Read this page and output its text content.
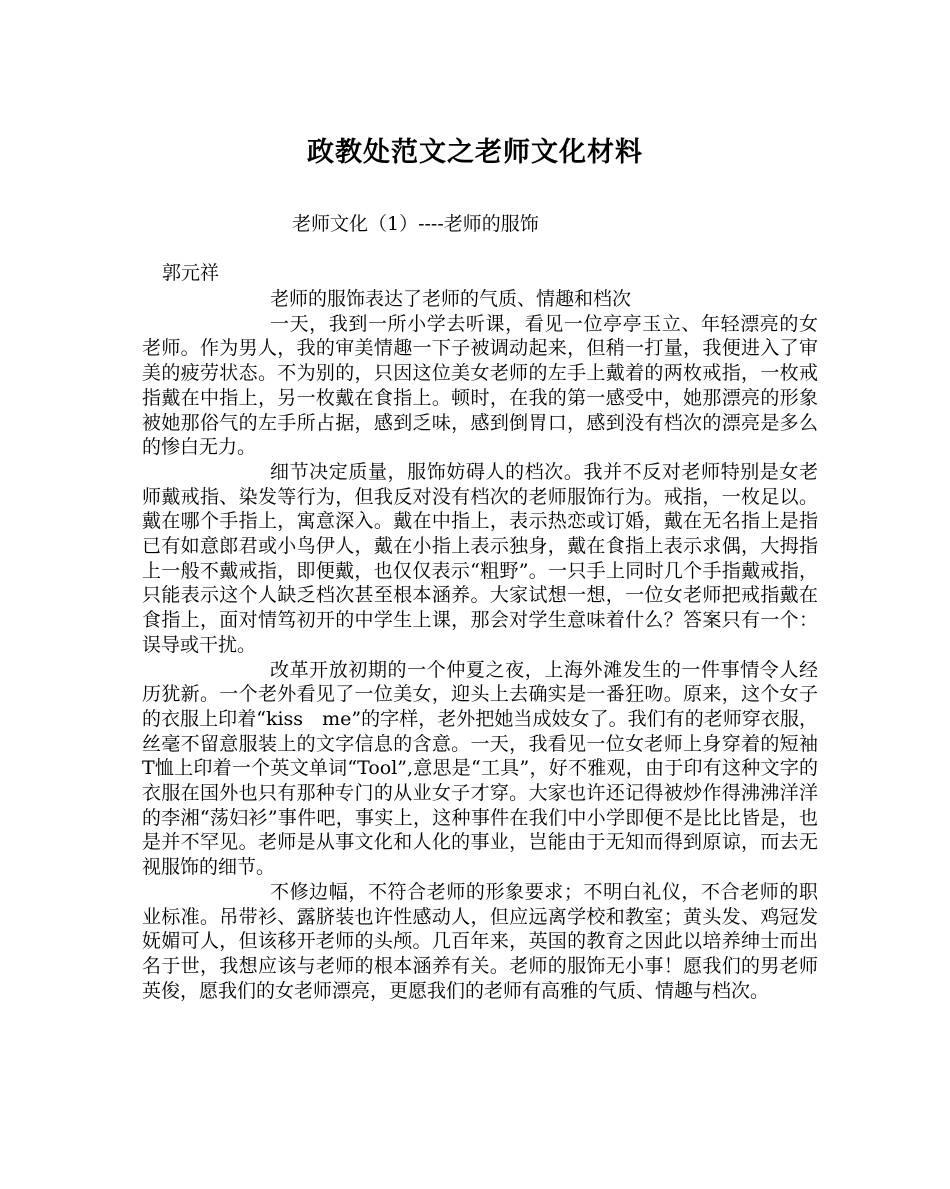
政教处范文之老师文化材料
老师文化（1）----老师的服饰
郭元祥

老师的服饰表达了老师的气质、情趣和档次

一天，我到一所小学去听课，看见一位亭亭玉立、年轻漂亮的女老师。作为男人，我的审美情趣一下子被调动起来，但稍一打量，我便进入了审美的疲劳状态。不为别的，只因这位美女老师的左手上戴着的两枚戒指，一枚戒指戴在中指上，另一枚戴在食指上。顿时，在我的第一感受中，她那漂亮的形象被她那俗气的左手所占据，感到乏味，感到倒胃口，感到没有档次的漂亮是多么的惨白无力。

细节决定质量，服饰妨碍人的档次。我并不反对老师特别是女老师戴戒指、染发等行为，但我反对没有档次的老师服饰行为。戒指，一枚足以。戴在哪个手指上，寓意深入。戴在中指上，表示热恋或订婚，戴在无名指上是指已有如意郎君或小鸟伊人，戴在小指上表示独身，戴在食指上表示求偶，大拇指上一般不戴戒指，即便戴，也仅仅表示“粗野”。一只手上同时几个手指戴戒指，只能表示这个人缺乏档次甚至根本涵养。大家试想一想，一位女老师把戒指戴在食指上，面对情笃初开的中学生上课，那会对学生意味着什么？答案只有一个：误导或干扰。

改革开放初期的一个仲夏之夜，上海外滩发生的一件事情令人经历犹新。一个老外看见了一位美女，迎头上去确实是一番狂吻。原来，这个女子的衣服上印着“kiss　me”的字样，老外把她当成妓女了。我们有的老师穿衣服，丝毫不留意服装上的文字信息的含意。一天，我看见一位女老师上身穿着的短袖T恤上印着一个英文单词“Tool”,意思是“工具”，好不雅观，由于印有这种文字的衣服在国外也只有那种专门的从业女子才穿。大家也许还记得被炒作得沸沸洋洋的李湘“荡妇衫”事件吧，事实上，这种事件在我们中小学即便不是比比皆是，也是并不罕见。老师是从事文化和人化的事业，岂能由于无知而得到原谅，而去无视服饰的细节。

不修边幅，不符合老师的形象要求；不明白礼仪，不合老师的职业标准。吊带衫、露脐装也许性感动人，但应远离学校和教室；黄头发、鸡冠发妩媚可人，但该移开老师的头颅。几百年来，英国的教育之因此以培养绅士而出名于世，我想应该与老师的根本涵养有关。老师的服饰无小事！愿我们的男老师英俊，愿我们的女老师漂亮，更愿我们的老师有高雅的气质、情趣与档次。
